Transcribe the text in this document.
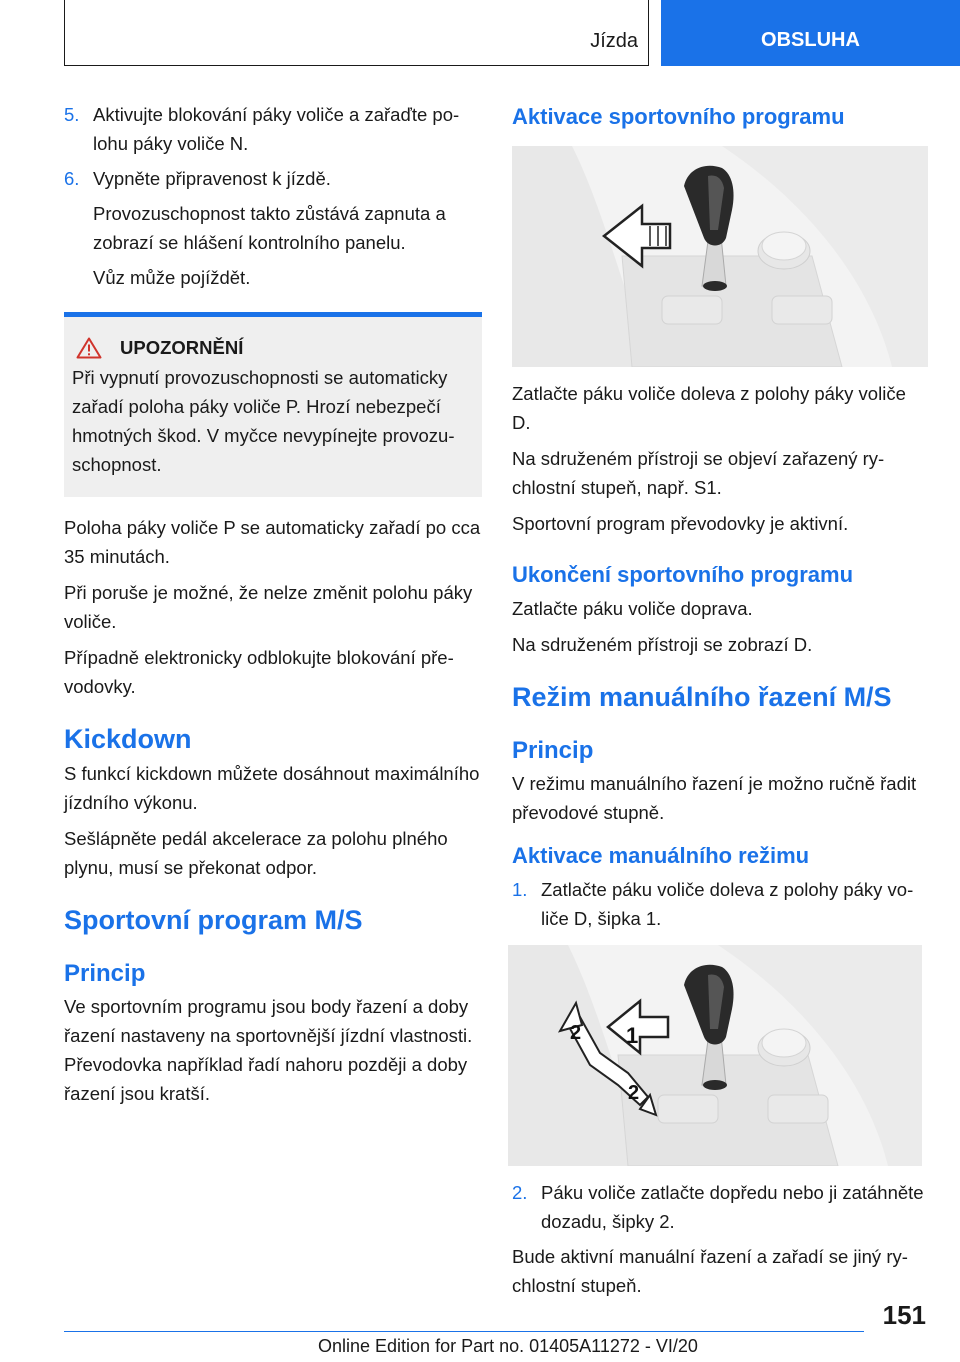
Jízda	OBSLUHA
5. Aktivujte blokování páky voliče a zařaďte polohu páky voliče N.
6. Vypněte připravenost k jízdě.
Provozuschopnost takto zůstává zapnuta a zobrazí se hlášení kontrolního panelu.
Vůz může pojíždět.
UPOZORNĚNÍ

Při vypnutí provozuschopnosti se automaticky zařadí poloha páky voliče P. Hrozí nebezpečí hmotných škod. V myčce nevypínejte provozuschopnost.

Poloha páky voliče P se automaticky zařadí po cca 35 minutách.

Při poruše je možné, že nelze změnit polohu páky voliče.

Případně elektronicky odblokujte blokování převodovky.

Kickdown

S funkcí kickdown můžete dosáhnout maximálního jízdního výkonu.

Sešlápněte pedál akcelerace za polohu plného plynu, musí se překonat odpor.

Sportovní program M/S
Princip

Ve sportovním programu jsou body řazení a doby řazení nastaveny na sportovnější jízdní vlastnosti. Převodovka například řadí nahoru později a doby řazení jsou kratší.

Aktivace sportovního programu

Zatlačte páku voliče doleva z polohy páky voliče D.

Na sdruženém přístroji se objeví zařazený rychlostní stupeň, např. S1.

Sportovní program převodovky je aktivní.

Ukončení sportovního programu

Zatlačte páku voliče doprava.

Na sdruženém přístroji se zobrazí D.

Režim manuálního řazení M/S
Princip

V režimu manuálního řazení je možno ručně řadit převodové stupně.

Aktivace manuálního režimu
1. Zatlačte páku voliče doleva z polohy páky voliče D, šipka 1.
1
2
2
2. Páku voliče zatlačte dopředu nebo ji zatáhněte dozadu, šipky 2.

Bude aktivní manuální řazení a zařadí se jiný rychlostní stupeň.

151
Online Edition for Part no. 01405A11272 - VI/20
